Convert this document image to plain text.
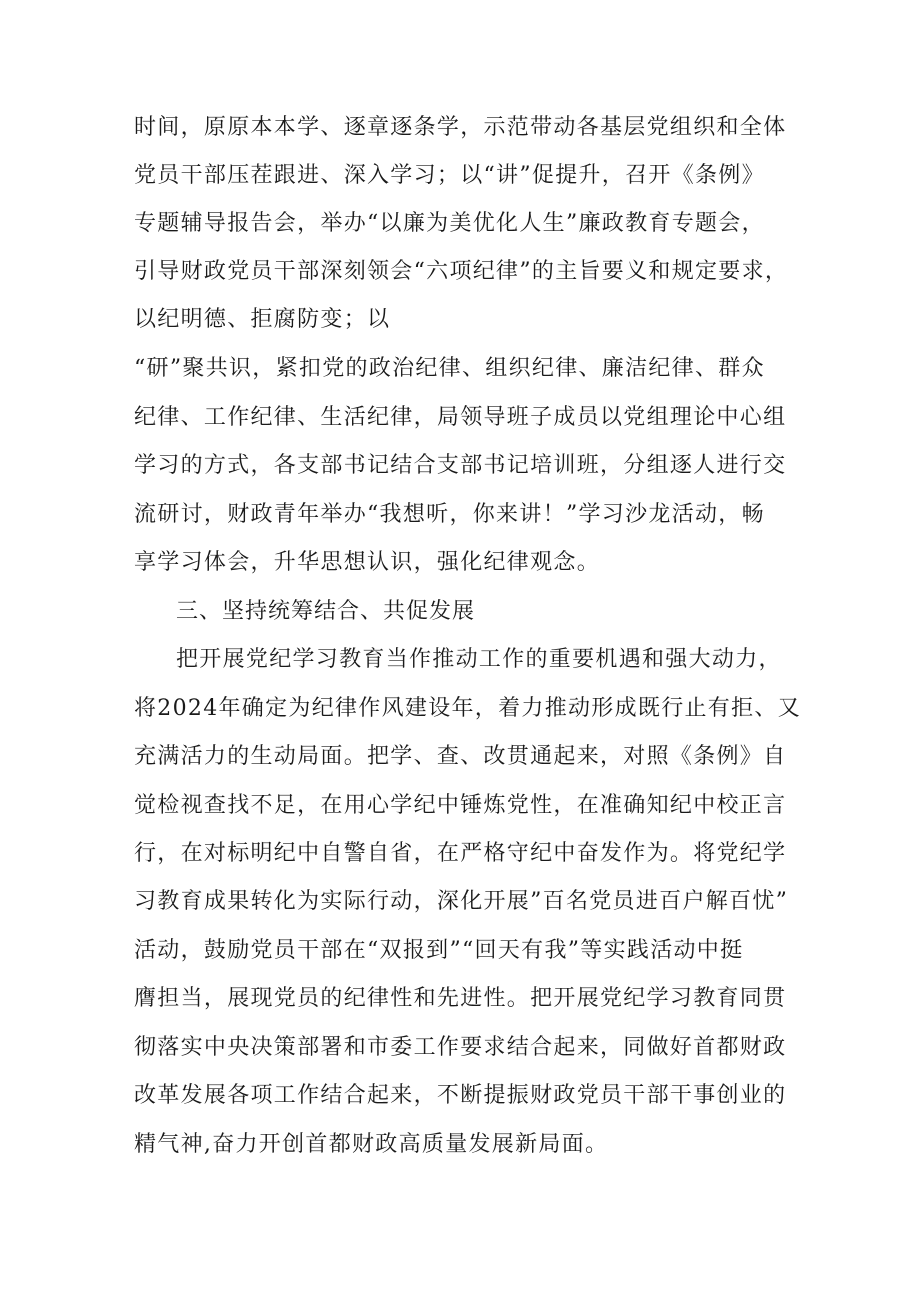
时间，原原本本学、逐章逐条学，示范带动各基层党组织和全体
党员干部压茬跟进、深入学习；以“讲”促提升，召开《条例》
专题辅导报告会，举办“以廉为美优化人生”廉政教育专题会，
引导财政党员干部深刻领会“六项纪律”的主旨要义和规定要求，
以纪明德、拒腐防变；以
“研”聚共识，紧扣党的政治纪律、组织纪律、廉洁纪律、群众
纪律、工作纪律、生活纪律，局领导班子成员以党组理论中心组
学习的方式，各支部书记结合支部书记培训班，分组逐人进行交
流研讨，财政青年举办“我想听，你来讲！”学习沙龙活动，畅
享学习体会，升华思想认识，强化纪律观念。
三、坚持统筹结合、共促发展
把开展党纪学习教育当作推动工作的重要机遇和强大动力，
将2024年确定为纪律作风建设年，着力推动形成既行止有拒、又
充满活力的生动局面。把学、查、改贯通起来，对照《条例》自
觉检视查找不足，在用心学纪中锤炼党性，在准确知纪中校正言
行，在对标明纪中自警自省，在严格守纪中奋发作为。将党纪学
习教育成果转化为实际行动，深化开展”百名党员进百户解百忧”
活动，鼓励党员干部在“双报到”“回天有我”等实践活动中挺
膺担当，展现党员的纪律性和先进性。把开展党纪学习教育同贯
彻落实中央决策部署和市委工作要求结合起来，同做好首都财政
改革发展各项工作结合起来，不断提振财政党员干部干事创业的
精气神,奋力开创首都财政高质量发展新局面。
